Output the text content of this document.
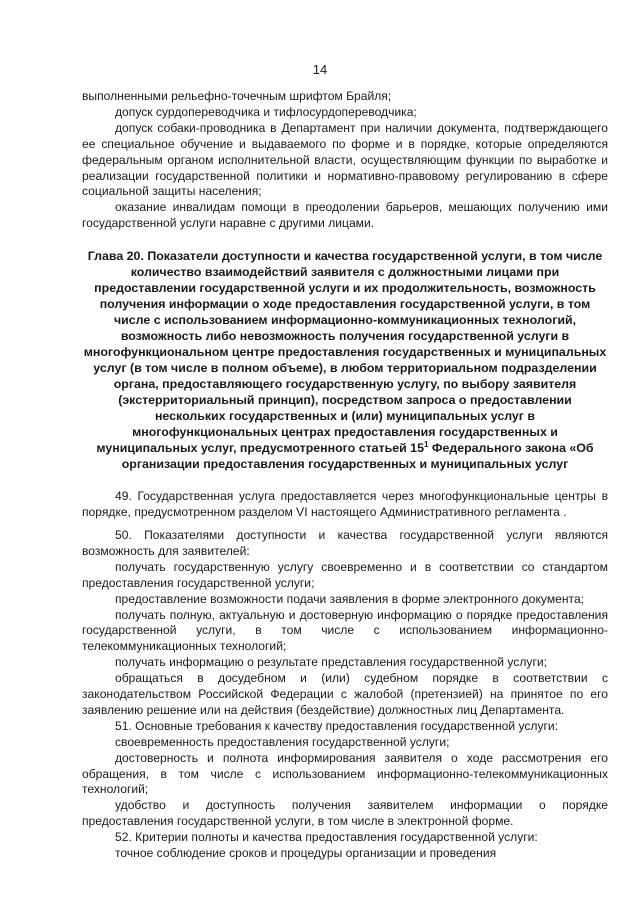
14

выполненными рельефно-точечным шрифтом Брайля;

допуск сурдопереводчика и тифлосурдопереводчика;

допуск собаки-проводника в Департамент при наличии документа, подтверждающего ее специальное обучение и выдаваемого по форме и в порядке, которые определяются федеральным органом исполнительной власти, осуществляющим функции по выработке и реализации государственной политики и нормативно-правовому регулированию в сфере социальной защиты населения;

оказание инвалидам помощи в преодолении барьеров, мешающих получению ими государственной услуги наравне с другими лицами.

Глава 20. Показатели доступности и качества государственной услуги, в том числе количество взаимодействий заявителя с должностными лицами при предоставлении государственной услуги и их продолжительность, возможность получения информации о ходе предоставления государственной услуги, в том числе с использованием информационно-коммуникационных технологий, возможность либо невозможность получения государственной услуги в многофункциональном центре предоставления государственных и муниципальных услуг (в том числе в полном объеме), в любом территориальном подразделении органа, предоставляющего государственную услугу, по выбору заявителя (экстерриториальный принцип), посредством запроса о предоставлении нескольких государственных и (или) муниципальных услуг в многофункциональных центрах предоставления государственных и муниципальных услуг, предусмотренного статьей $15^1$ Федерального закона «Об организации предоставления государственных и муниципальных услуг

49. Государственная услуга предоставляется через многофункциональные центры в порядке, предусмотренном разделом VI настоящего Административного регламента .

50. Показателями доступности и качества государственной услуги являются возможность для заявителей:

получать государственную услугу своевременно и в соответствии со стандартом предоставления государственной услуги;

предоставление возможности подачи заявления в форме электронного документа;

получать полную, актуальную и достоверную информацию о порядке предоставления государственной услуги, в том числе с использованием информационно-телекоммуникационных технологий;

получать информацию о результате представления государственной услуги;

обращаться в досудебном и (или) судебном порядке в соответствии с законодательством Российской Федерации с жалобой (претензией) на принятое по его заявлению решение или на действия (бездействие) должностных лиц Департамента.

51. Основные требования к качеству предоставления государственной услуги:

своевременность предоставления государственной услуги;

достоверность и полнота информирования заявителя о ходе рассмотрения его обращения, в том числе с использованием информационно-телекоммуникационных технологий;

удобство и доступность получения заявителем информации о порядке предоставления государственной услуги, в том числе в электронной форме.

52. Критерии полноты и качества предоставления государственной услуги:

точное соблюдение сроков и процедуры организации и проведения
